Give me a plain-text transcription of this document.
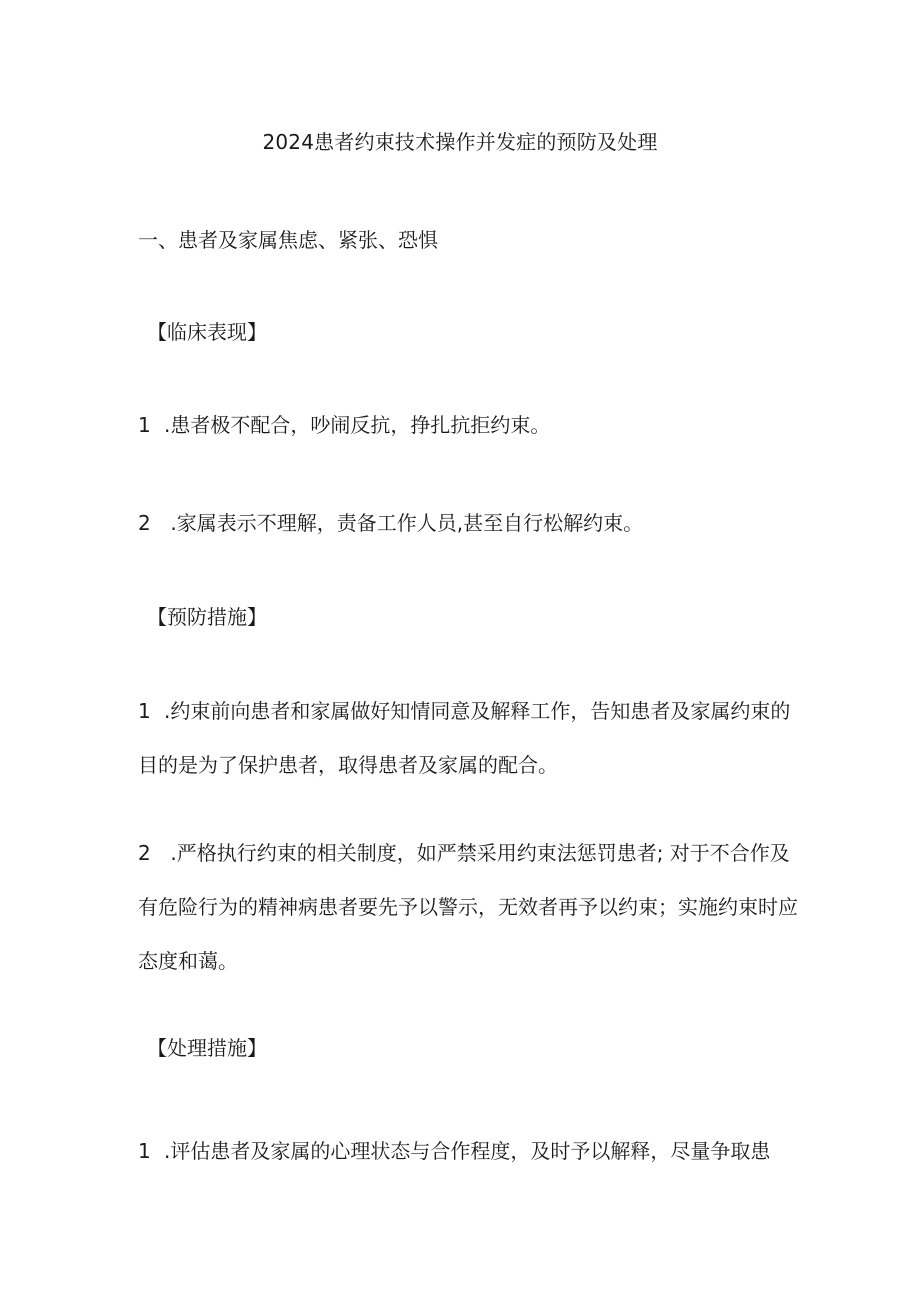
2024患者约束技术操作并发症的预防及处理
一、患者及家属焦虑、紧张、恐惧
【临床表现】

1 .患者极不配合，吵闹反抗，挣扎抗拒约束。

2 .家属表示不理解，责备工作人员,甚至自行松解约束。

【预防措施】

1 .约束前向患者和家属做好知情同意及解释工作，告知患者及家属约束的目的是为了保护患者，取得患者及家属的配合。

2 .严格执行约束的相关制度，如严禁采用约束法惩罚患者; 对于不合作及有危险行为的精神病患者要先予以警示，无效者再予以约束；实施约束时应态度和蔼。

【处理措施】

1 .评估患者及家属的心理状态与合作程度，及时予以解释，尽量争取患
